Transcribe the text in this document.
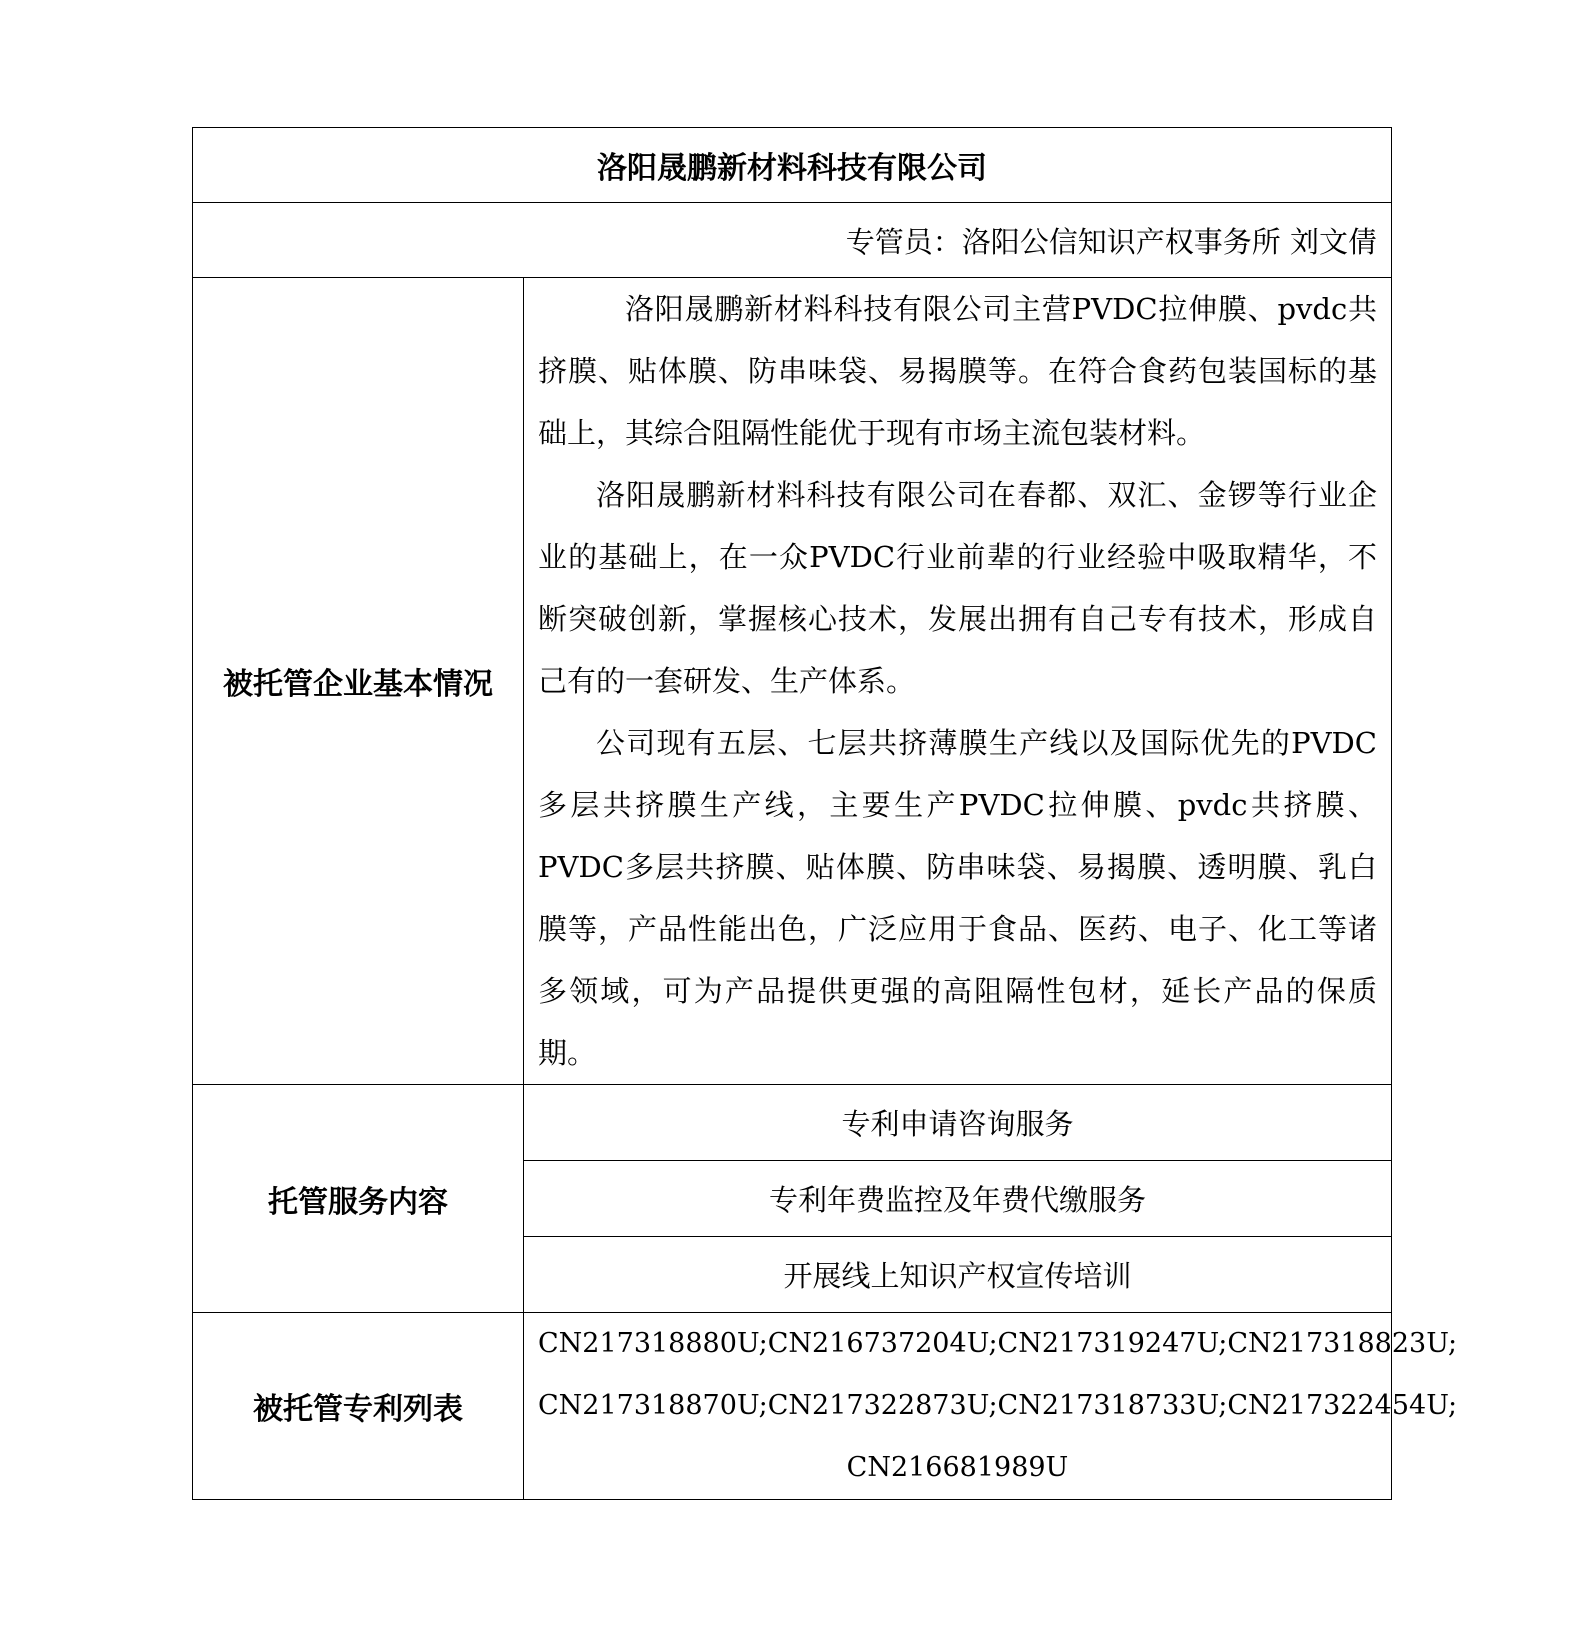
洛阳晟鹏新材料科技有限公司	
专管员：洛阳公信知识产权事务所 刘文倩	
被托管企业基本情况	洛阳晟鹏新材料科技有限公司主营PVDC拉伸膜、pvdc共挤膜、贴体膜、防串味袋、易揭膜等。在符合食药包装国标的基础上，其综合阻隔性能优于现有市场主流包装材料。

洛阳晟鹏新材料科技有限公司在春都、双汇、金锣等行业企业的基础上，在一众PVDC行业前辈的行业经验中吸取精华，不断突破创新，掌握核心技术，发展出拥有自己专有技术，形成自己有的一套研发、生产体系。

公司现有五层、七层共挤薄膜生产线以及国际优先的PVDC多层共挤膜生产线，主要生产PVDC拉伸膜、pvdc共挤膜、PVDC多层共挤膜、贴体膜、防串味袋、易揭膜、透明膜、乳白膜等，产品性能出色，广泛应用于食品、医药、电子、化工等诸多领域，可为产品提供更强的高阻隔性包材，延长产品的保质期。

托管服务内容	专利申请咨询服务
	专利年费监控及年费代缴服务
	开展线上知识产权宣传培训
被托管专利列表	CN217318880U;CN216737204U;CN217319247U;CN217318823U;
CN217318870U;CN217322873U;CN217318733U;CN217322454U;
CN216681989U
